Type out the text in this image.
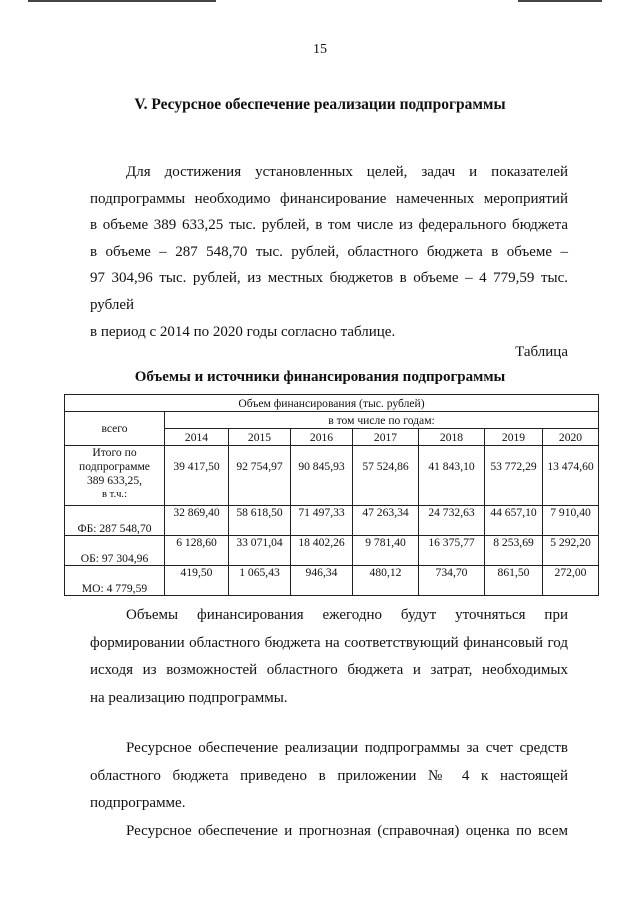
15
V. Ресурсное обеспечение реализации подпрограммы
Для достижения установленных целей, задач и показателей
подпрограммы необходимо финансирование намеченных мероприятий
в объеме 389 633,25 тыс. рублей, в том числе из федерального бюджета
в объеме – 287 548,70 тыс. рублей, областного бюджета в объеме –
97 304,96 тыс. рублей, из местных бюджетов в объеме – 4 779,59 тыс. рублей
в период с 2014 по 2020 годы согласно таблице.
Таблица
Объемы и источники финансирования подпрограммы
Объем финансирования (тыс. рублей)							
всего	в том числе по годам:						
	2014	2015	2016	2017	2018	2019	2020

Итого по
подпрограмме
389 633,25,
в т.ч.:	39 417,50	92 754,97	90 845,93	57 524,86	41 843,10	53 772,29	13 474,60
ФБ: 287 548,70	32 869,40	58 618,50	71 497,33	47 263,34	24 732,63	44 657,10	7 910,40
ОБ: 97 304,96	6 128,60	33 071,04	18 402,26	9 781,40	16 375,77	8 253,69	5 292,20
МО: 4 779,59	419,50	1 065,43	946,34	480,12	734,70	861,50	272,00
Объемы финансирования ежегодно будут уточняться при
формировании областного бюджета на соответствующий финансовый год
исходя из возможностей областного бюджета и затрат, необходимых
на реализацию подпрограммы.
Ресурсное обеспечение реализации подпрограммы за счет средств
областного бюджета приведено в приложении № 4 к настоящей
подпрограмме.
Ресурсное обеспечение и прогнозная (справочная) оценка по всем
